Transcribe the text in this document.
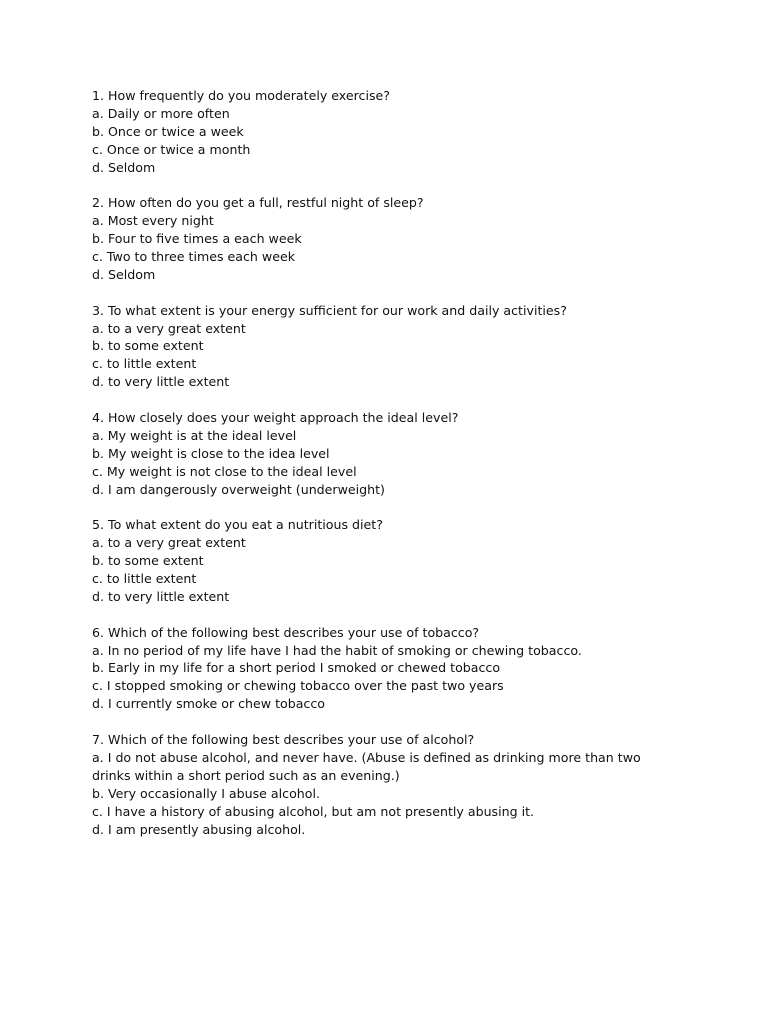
1. How frequently do you moderately exercise?

a. Daily or more often

b. Once or twice a week

c. Once or twice a month

d. Seldom

2. How often do you get a full, restful night of sleep?

a. Most every night

b. Four to five times a each week

c. Two to three times each week

d. Seldom

3. To what extent is your energy sufficient for our work and daily activities?

a. to a very great extent

b. to some extent

c. to little extent

d. to very little extent

4. How closely does your weight approach the ideal level?

a. My weight is at the ideal level

b. My weight is close to the idea level

c. My weight is not close to the ideal level

d. I am dangerously overweight (underweight)

5. To what extent do you eat a nutritious diet?

a. to a very great extent

b. to some extent

c. to little extent

d. to very little extent

6. Which of the following best describes your use of tobacco?

a. In no period of my life have I had the habit of smoking or chewing tobacco.

b. Early in my life for a short period I smoked or chewed tobacco

c. I stopped smoking or chewing tobacco over the past two years

d. I currently smoke or chew tobacco

7. Which of the following best describes your use of alcohol?

a. I do not abuse alcohol, and never have. (Abuse is defined as drinking more than two drinks within a short period such as an evening.)

b. Very occasionally I abuse alcohol.

c. I have a history of abusing alcohol, but am not presently abusing it.

d. I am presently abusing alcohol.
